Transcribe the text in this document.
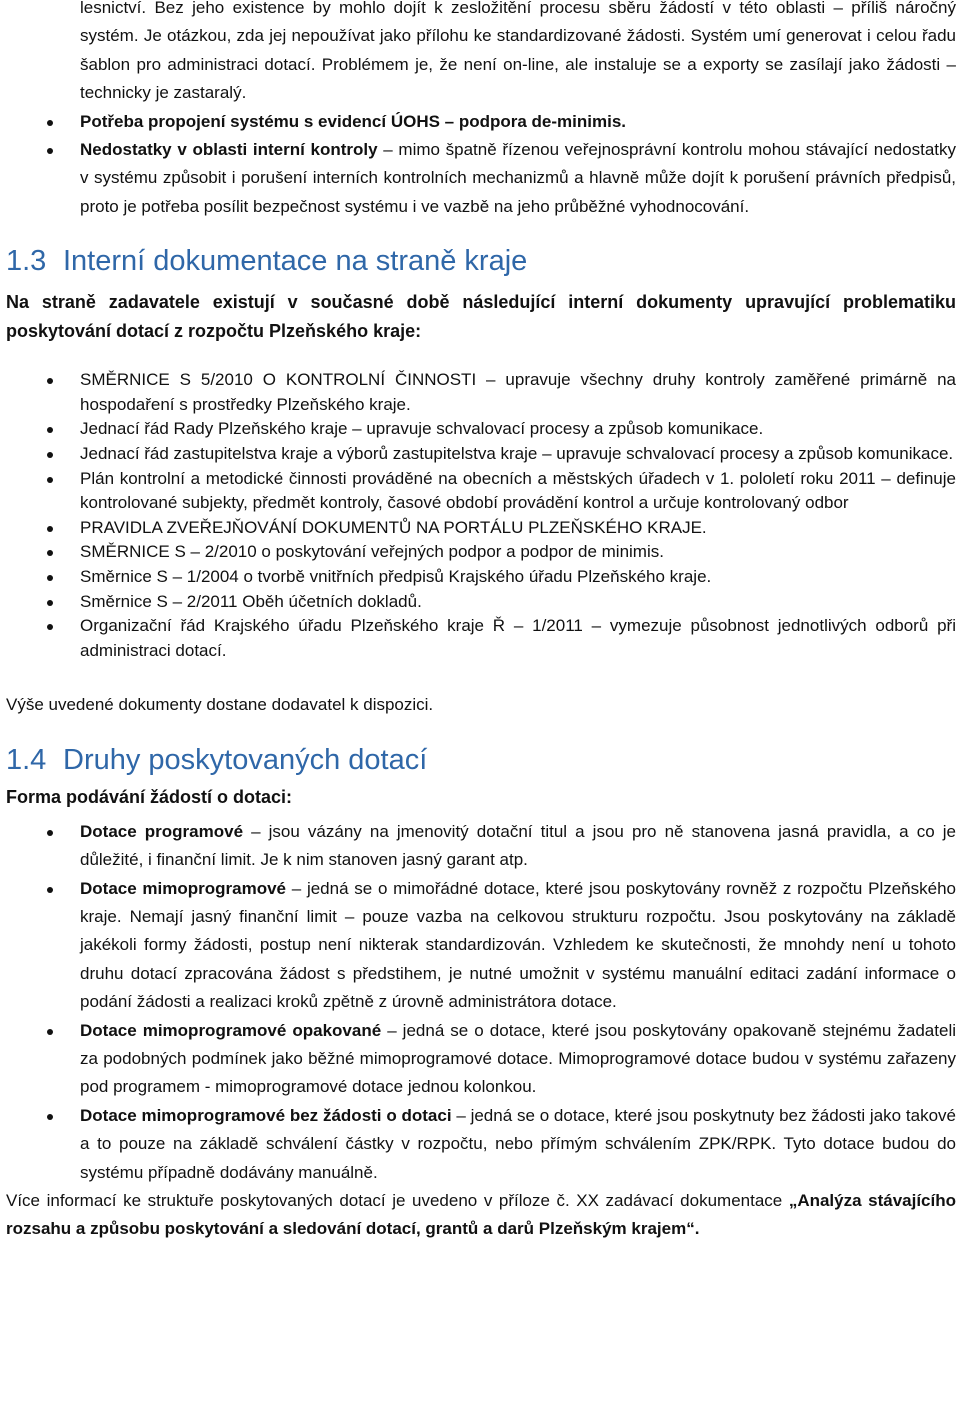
lesnictví. Bez jeho existence by mohlo dojít k zesložitění procesu sběru žádostí v této oblasti – příliš náročný systém. Je otázkou, zda jej nepoužívat jako přílohu ke standardizované žádosti. Systém umí generovat i celou řadu šablon pro administraci dotací. Problémem je, že není on-line, ale instaluje se a exporty se zasílají jako žádosti – technicky je zastaralý.

Potřeba propojení systému s evidencí ÚOHS – podpora de-minimis.
Nedostatky v oblasti interní kontroly – mimo špatně řízenou veřejnosprávní kontrolu mohou stávající nedostatky v systému způsobit i porušení interních kontrolních mechanizmů a hlavně může dojít k porušení právních předpisů, proto je potřeba posílit bezpečnost systému i ve vazbě na jeho průběžné vyhodnocování.
1.3 Interní dokumentace na straně kraje

Na straně zadavatele existují v současné době následující interní dokumenty upravující problematiku poskytování dotací z rozpočtu Plzeňského kraje:

SMĚRNICE S 5/2010 O KONTROLNÍ ČINNOSTI – upravuje všechny druhy kontroly zaměřené primárně na hospodaření s prostředky Plzeňského kraje.
Jednací řád Rady Plzeňského kraje – upravuje schvalovací procesy a způsob komunikace.
Jednací řád zastupitelstva kraje a výborů zastupitelstva kraje – upravuje schvalovací procesy a způsob komunikace.
Plán kontrolní a metodické činnosti prováděné na obecních a městských úřadech v 1. pololetí roku 2011 – definuje kontrolované subjekty, předmět kontroly, časové období provádění kontrol a určuje kontrolovaný odbor
PRAVIDLA ZVEŘEJŇOVÁNÍ DOKUMENTŮ NA PORTÁLU PLZEŇSKÉHO KRAJE.
SMĚRNICE S – 2/2010 o poskytování veřejných podpor a podpor de minimis.
Směrnice S – 1/2004 o tvorbě vnitřních předpisů Krajského úřadu Plzeňského kraje.
Směrnice S – 2/2011 Oběh účetních dokladů.
Organizační řád Krajského úřadu Plzeňského kraje Ř – 1/2011 – vymezuje působnost jednotlivých odborů při administraci dotací.

Výše uvedené dokumenty dostane dodavatel k dispozici.

1.4 Druhy poskytovaných dotací

Forma podávání žádostí o dotaci:

Dotace programové – jsou vázány na jmenovitý dotační titul a jsou pro ně stanovena jasná pravidla, a co je důležité, i finanční limit. Je k nim stanoven jasný garant atp.
Dotace mimoprogramové – jedná se o mimořádné dotace, které jsou poskytovány rovněž z rozpočtu Plzeňského kraje. Nemají jasný finanční limit – pouze vazba na celkovou strukturu rozpočtu. Jsou poskytovány na základě jakékoli formy žádosti, postup není nikterak standardizován. Vzhledem ke skutečnosti, že mnohdy není u tohoto druhu dotací zpracována žádost s předstihem, je nutné umožnit v systému manuální editaci zadání informace o podání žádosti a realizaci kroků zpětně z úrovně administrátora dotace.
Dotace mimoprogramové opakované – jedná se o dotace, které jsou poskytovány opakovaně stejnému žadateli za podobných podmínek jako běžné mimoprogramové dotace. Mimoprogramové dotace budou v systému zařazeny pod programem - mimoprogramové dotace jednou kolonkou.
Dotace mimoprogramové bez žádosti o dotaci – jedná se o dotace, které jsou poskytnuty bez žádosti jako takové a to pouze na základě schválení částky v rozpočtu, nebo přímým schválením ZPK/RPK. Tyto dotace budou do systému případně dodávány manuálně.

Více informací ke struktuře poskytovaných dotací je uvedeno v příloze č. XX zadávací dokumentace „Analýza stávajícího rozsahu a způsobu poskytování a sledování dotací, grantů a darů Plzeňským krajem“.
